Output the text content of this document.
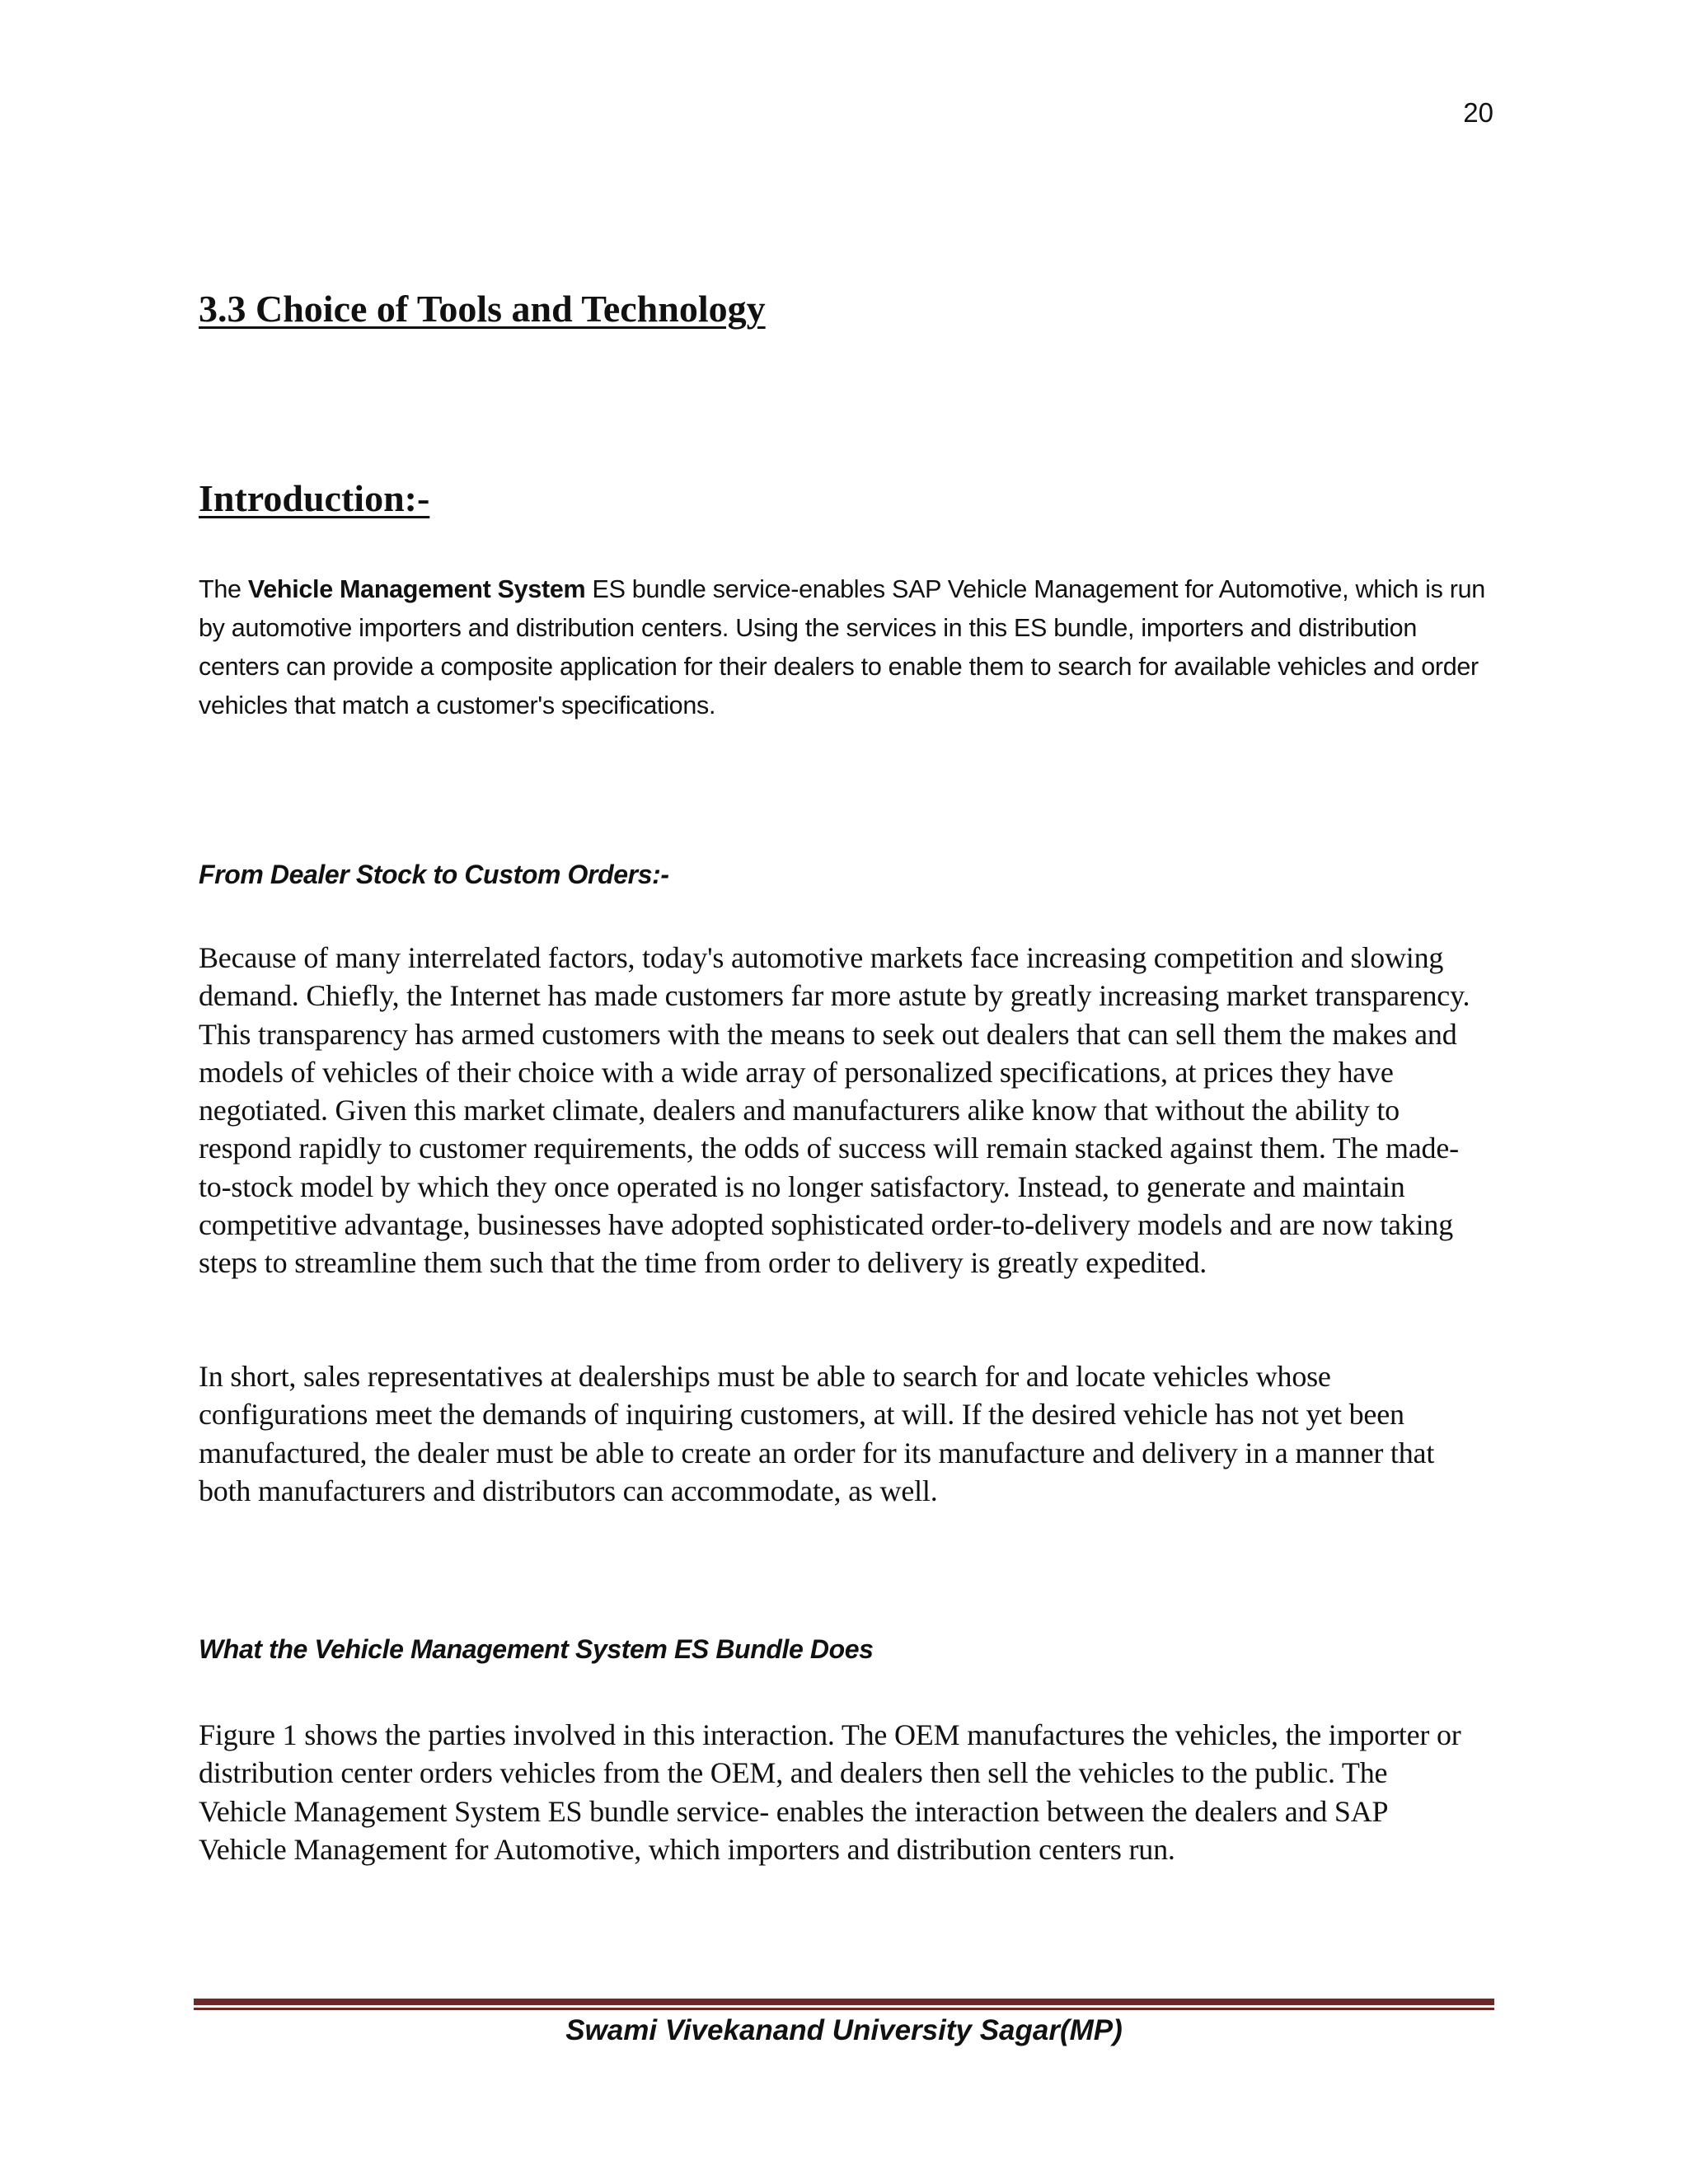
20
3.3 Choice of Tools and Technology
Introduction:-

The Vehicle Management System ES bundle service-enables SAP Vehicle Management for Automotive, which is run by automotive importers and distribution centers. Using the services in this ES bundle, importers and distribution centers can provide a composite application for their dealers to enable them to search for available vehicles and order vehicles that match a customer's specifications.

From Dealer Stock to Custom Orders:-

Because of many interrelated factors, today's automotive markets face increasing competition and slowing demand. Chiefly, the Internet has made customers far more astute by greatly increasing market transparency. This transparency has armed customers with the means to seek out dealers that can sell them the makes and models of vehicles of their choice with a wide array of personalized specifications, at prices they have negotiated. Given this market climate, dealers and manufacturers alike know that without the ability to respond rapidly to customer requirements, the odds of success will remain stacked against them. The made-to-stock model by which they once operated is no longer satisfactory. Instead, to generate and maintain competitive advantage, businesses have adopted sophisticated order-to-delivery models and are now taking steps to streamline them such that the time from order to delivery is greatly expedited.

In short, sales representatives at dealerships must be able to search for and locate vehicles whose configurations meet the demands of inquiring customers, at will. If the desired vehicle has not yet been manufactured, the dealer must be able to create an order for its manufacture and delivery in a manner that both manufacturers and distributors can accommodate, as well.

What the Vehicle Management System ES Bundle Does

Figure 1 shows the parties involved in this interaction. The OEM manufactures the vehicles, the importer or distribution center orders vehicles from the OEM, and dealers then sell the vehicles to the public. The Vehicle Management System ES bundle service- enables the interaction between the dealers and SAP Vehicle Management for Automotive, which importers and distribution centers run.

Swami Vivekanand University Sagar(MP)
